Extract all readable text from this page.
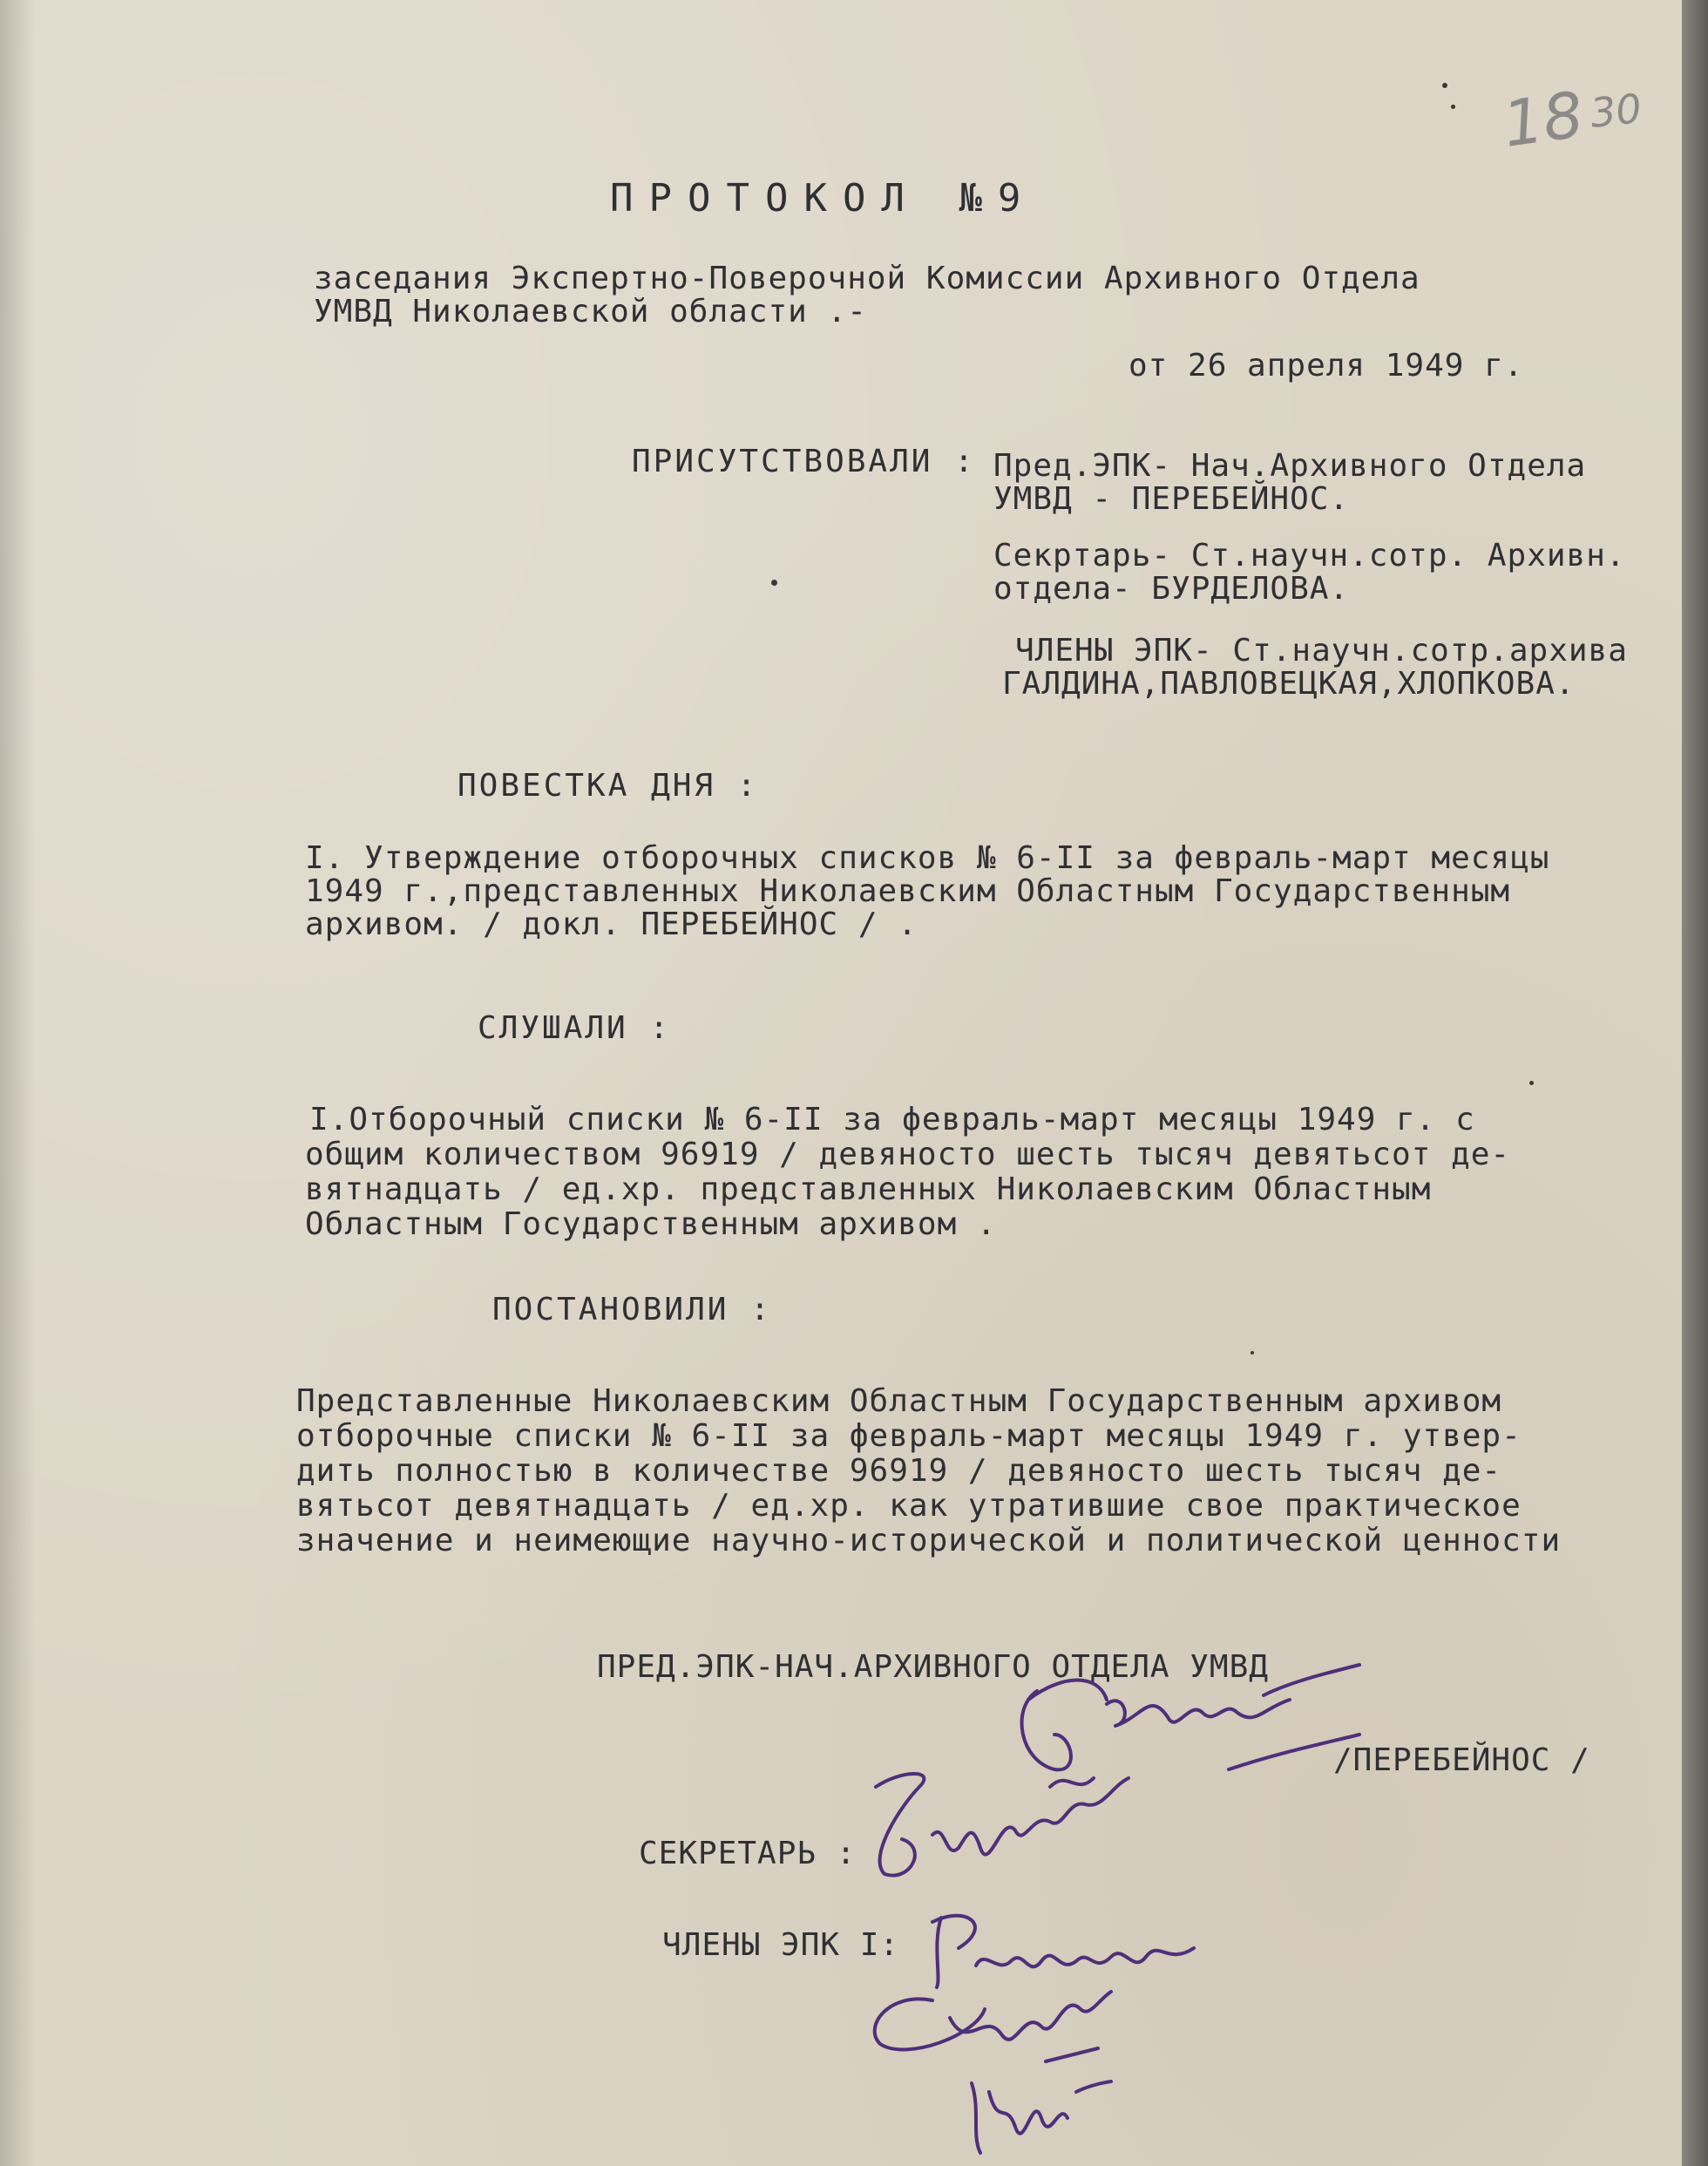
18 30

ПРОТОКОЛ №9

заседания Экспертно-Поверочной Комиссии Архивного Отдела

УМВД Николаевской области .-

от 26 апреля 1949 г.

ПРИСУТСТВОВАЛИ : Пред.ЭПК- Нач.Архивного Отдела

УМВД - ПЕРЕБЕЙНОС.

Секртарь- Ст.научн.сотр. Архивн.

отдела- БУРДЕЛОВА.

ЧЛЕНЫ ЭПК- Ст.научн.сотр.архива

ГАЛДИНА,ПАВЛОВЕЦКАЯ,ХЛОПКОВА.

ПОВЕСТКА ДНЯ :

I. Утверждение отборочных списков № 6-II за февраль-март месяцы

1949 г.,представленных Николаевским Областным Государственным

архивом. / докл. ПЕРЕБЕЙНОС / .

СЛУШАЛИ :

I.Отборочный списки № 6-II за февраль-март месяцы 1949 г. с

общим количеством 96919 / девяносто шесть тысяч девятьсот де-

вятнадцать / ед.хр. представленных Николаевским Областным

Областным Государственным архивом .

ПОСТАНОВИЛИ :

Представленные Николаевским Областным Государственным архивом

отборочные списки № 6-II за февраль-март месяцы 1949 г. утвер-

дить полностью в количестве 96919 / девяносто шесть тысяч де-

вятьсот девятнадцать / ед.хр. как утратившие свое практическое

значение и неимеющие научно-исторической и политической ценности

ПРЕД.ЭПК-НАЧ.АРХИВНОГО ОТДЕЛА УМВД

/ПЕРЕБЕЙНОС /

СЕКРЕТАРЬ :

ЧЛЕНЫ ЭПК I:
